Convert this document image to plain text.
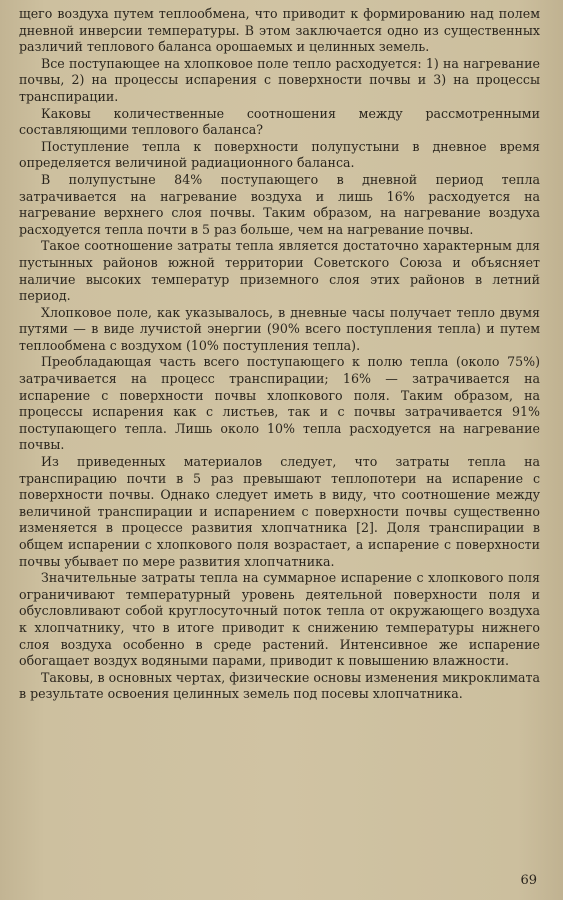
щего воздуха путем теплообмена, что приводит к формированию над полем дневной инверсии температуры. В этом заключается одно из существенных различий теплового баланса орошаемых и целинных земель.

Все поступающее на хлопковое поле тепло расходуется: 1) на нагревание почвы, 2) на процессы испарения с поверхности почвы и 3) на процессы транспирации.

Каковы количественные соотношения между рассмотренными составляющими теплового баланса?

Поступление тепла к поверхности полупустыни в дневное время определяется величиной радиационного баланса.

В полупустыне 84% поступающего в дневной период тепла затрачивается на нагревание воздуха и лишь 16% расходуется на нагревание верхнего слоя почвы. Таким образом, на нагревание воздуха расходуется тепла почти в 5 раз больше, чем на нагревание почвы.

Такое соотношение затраты тепла является достаточно характерным для пустынных районов южной территории Советского Союза и объясняет наличие высоких температур приземного слоя этих районов в летний период.

Хлопковое поле, как указывалось, в дневные часы получает тепло двумя путями — в виде лучистой энергии (90% всего поступления тепла) и путем теплообмена с воздухом (10% поступления тепла).

Преобладающая часть всего поступающего к полю тепла (около 75%) затрачивается на процесс транспирации; 16% — затрачивается на испарение с поверхности почвы хлопкового поля. Таким образом, на процессы испарения как с листьев, так и с почвы затрачивается 91% поступающего тепла. Лишь около 10% тепла расходуется на нагревание почвы.

Из приведенных материалов следует, что затраты тепла на транспирацию почти в 5 раз превышают теплопотери на испарение с поверхности почвы. Однако следует иметь в виду, что соотношение между величиной транспирации и испарением с поверхности почвы существенно изменяется в процессе развития хлопчатника [2]. Доля транспирации в общем испарении с хлопкового поля возрастает, а испарение с поверхности почвы убывает по мере развития хлопчатника.

Значительные затраты тепла на суммарное испарение с хлопкового поля ограничивают температурный уровень деятельной поверхности поля и обусловливают собой круглосуточный поток тепла от окружающего воздуха к хлопчатнику, что в итоге приводит к снижению температуры нижнего слоя воздуха особенно в среде растений. Интенсивное же испарение обогащает воздух водяными парами, приводит к повышению влажности.

Таковы, в основных чертах, физические основы изменения микроклимата в результате освоения целинных земель под посевы хлопчатника.

69
